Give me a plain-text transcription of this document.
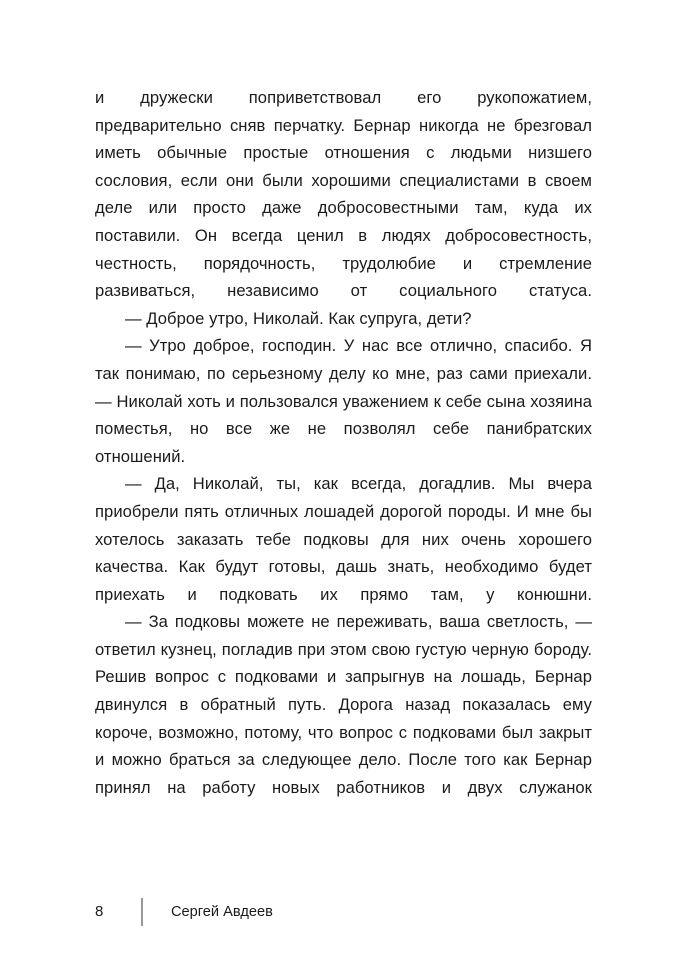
и дружески поприветствовал его рукопожатием, предварительно сняв перчатку. Бернар никогда не брезговал иметь обычные простые отношения с людьми низшего сословия, если они были хорошими специалистами в своем деле или просто даже добросовестными там, куда их поставили. Он всегда ценил в людях добросовестность, честность, порядочность, трудолюбие и стремление развиваться, независимо от социального статуса.

— Доброе утро, Николай. Как супруга, дети?

— Утро доброе, господин. У нас все отлично, спасибо. Я так понимаю, по серьезному делу ко мне, раз сами приехали. — Николай хоть и пользовался уважением к себе сына хозяина поместья, но все же не позволял себе панибратских отношений.

— Да, Николай, ты, как всегда, догадлив. Мы вчера приобрели пять отличных лошадей дорогой породы. И мне бы хотелось заказать тебе подковы для них очень хорошего качества. Как будут готовы, дашь знать, необходимо будет приехать и подковать их прямо там, у конюшни.

— За подковы можете не переживать, ваша светлость, — ответил кузнец, погладив при этом свою густую черную бороду. Решив вопрос с подковами и запрыгнув на лошадь, Бернар двинулся в обратный путь. Дорога назад показалась ему короче, возможно, потому, что вопрос с подковами был закрыт и можно браться за следующее дело. После того как Бернар принял на работу новых работников и двух служанок

8	Сергей Авдеев
